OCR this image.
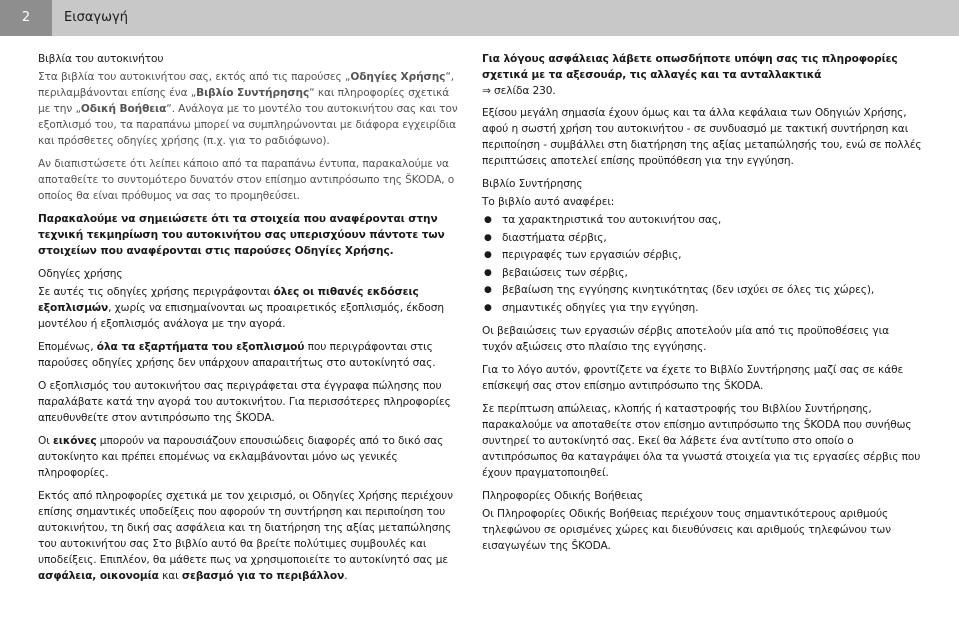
2	Εισαγωγή
Βιβλία του αυτοκινήτου

Στα βιβλία του αυτοκινήτου σας, εκτός από τις παρούσες „Οδηγίες Χρήσης“, περιλαμβάνονται επίσης ένα „Βιβλίο Συντήρησης“ και πληροφορίες σχετικά με την „Οδική Βοήθεια“. Ανάλογα με το μοντέλο του αυτοκινήτου σας και τον εξοπλισμό του, τα παραπάνω μπορεί να συμπληρώνονται με διάφορα εγχειρίδια και πρόσθετες οδηγίες χρήσης (π.χ. για το ραδιόφωνο).

Αν διαπιστώσετε ότι λείπει κάποιο από τα παραπάνω έντυπα, παρακαλούμε να αποταθείτε το συντομότερο δυνατόν στον επίσημο αντιπρόσωπο της ŠKODA, ο οποίος θα είναι πρόθυμος να σας το προμηθεύσει.

Παρακαλούμε να σημειώσετε ότι τα στοιχεία που αναφέρονται στην τεχνική τεκμηρίωση του αυτοκινήτου σας υπερισχύουν πάντοτε των στοιχείων που αναφέρονται στις παρούσες Οδηγίες Χρήσης.

Οδηγίες χρήσης

Σε αυτές τις οδηγίες χρήσης περιγράφονται όλες οι πιθανές εκδόσεις εξοπλισμών, χωρίς να επισημαίνονται ως προαιρετικός εξοπλισμός, έκδοση μοντέλου ή εξοπλισμός ανάλογα με την αγορά.

Επομένως, όλα τα εξαρτήματα του εξοπλισμού που περιγράφονται στις παρούσες οδηγίες χρήσης δεν υπάρχουν απαραιτήτως στο αυτοκίνητό σας.

Ο εξοπλισμός του αυτοκινήτου σας περιγράφεται στα έγγραφα πώλησης που παραλάβατε κατά την αγορά του αυτοκινήτου. Για περισσότερες πληροφορίες απευθυνθείτε στον αντιπρόσωπο της ŠKODA.

Οι εικόνες μπορούν να παρουσιάζουν επουσιώδεις διαφορές από το δικό σας αυτοκίνητο και πρέπει επομένως να εκλαμβάνονται μόνο ως γενικές πληροφορίες.

Εκτός από πληροφορίες σχετικά με τον χειρισμό, οι Οδηγίες Χρήσης περιέχουν επίσης σημαντικές υποδείξεις που αφορούν τη συντήρηση και περιποίηση του αυτοκινήτου, τη δική σας ασφάλεια και τη διατήρηση της αξίας μεταπώλησης του αυτοκινήτου σας Στο βιβλίο αυτό θα βρείτε πολύτιμες συμβουλές και υποδείξεις. Επιπλέον, θα μάθετε πως να χρησιμοποιείτε το αυτοκίνητό σας με ασφάλεια, οικονομία και σεβασμό για το περιβάλλον.

Για λόγους ασφάλειας λάβετε οπωσδήποτε υπόψη σας τις πληροφορίες σχετικά με τα αξεσουάρ, τις αλλαγές και τα ανταλλακτικά
⇒ σελίδα 230.

Εξίσου μεγάλη σημασία έχουν όμως και τα άλλα κεφάλαια των Οδηγιών Χρήσης, αφού η σωστή χρήση του αυτοκινήτου - σε συνδυασμό με τακτική συντήρηση και περιποίηση - συμβάλλει στη διατήρηση της αξίας μεταπώλησής του, ενώ σε πολλές περιπτώσεις αποτελεί επίσης προϋπόθεση για την εγγύηση.

Βιβλίο Συντήρησης

Το βιβλίο αυτό αναφέρει:

● τα χαρακτηριστικά του αυτοκινήτου σας,
● διαστήματα σέρβις,
● περιγραφές των εργασιών σέρβις,
● βεβαιώσεις των σέρβις,
● βεβαίωση της εγγύησης κινητικότητας (δεν ισχύει σε όλες τις χώρες),
● σημαντικές οδηγίες για την εγγύηση.

Οι βεβαιώσεις των εργασιών σέρβις αποτελούν μία από τις προϋποθέσεις για τυχόν αξιώσεις στο πλαίσιο της εγγύησης.

Για το λόγο αυτόν, φροντίζετε να έχετε το Βιβλίο Συντήρησης μαζί σας σε κάθε επίσκεψή σας στον επίσημο αντιπρόσωπο της ŠKODA.

Σε περίπτωση απώλειας, κλοπής ή καταστροφής του Βιβλίου Συντήρησης, παρακαλούμε να αποταθείτε στον επίσημο αντιπρόσωπο της ŠKODA που συνήθως συντηρεί το αυτοκίνητό σας. Εκεί θα λάβετε ένα αντίτυπο στο οποίο ο αντιπρόσωπος θα καταγράψει όλα τα γνωστά στοιχεία για τις εργασίες σέρβις που έχουν πραγματοποιηθεί.

Πληροφορίες Οδικής Βοήθειας

Οι Πληροφορίες Οδικής Βοήθειας περιέχουν τους σημαντικότερους αριθμούς τηλεφώνου σε ορισμένες χώρες και διευθύνσεις και αριθμούς τηλεφώνου των εισαγωγέων της ŠKODA.
